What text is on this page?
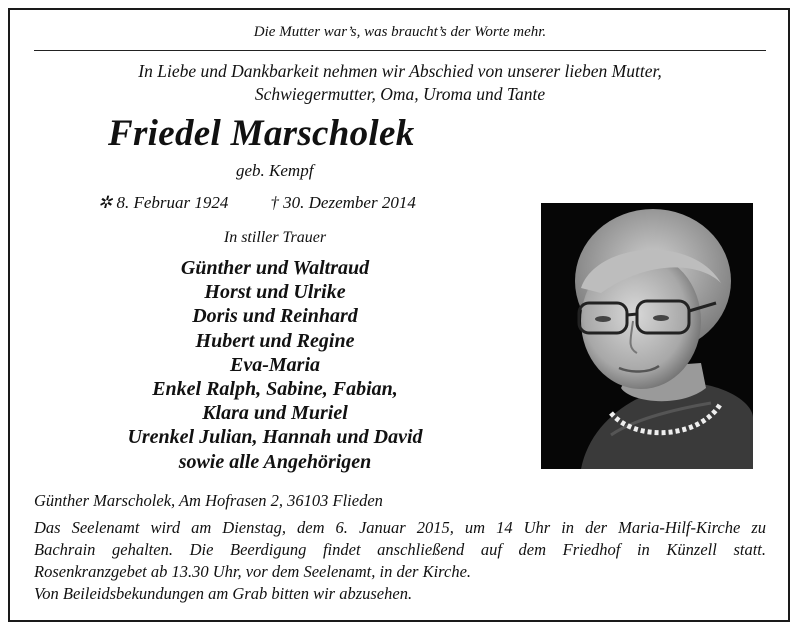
Die Mutter war’s, was braucht’s der Worte mehr.
In Liebe und Dankbarkeit nehmen wir Abschied von unserer lieben Mutter,
Schwiegermutter, Oma, Uroma und Tante
Friedel Marscholek
geb. Kempf
✲ 8. Februar 1924 † 30. Dezember 2014
In stiller Trauer
Günther und Waltraud
Horst und Ulrike
Doris und Reinhard
Hubert und Regine
Eva-Maria
Enkel Ralph, Sabine, Fabian,
Klara und Muriel
Urenkel Julian, Hannah und David
sowie alle Angehörigen
Günther Marscholek, Am Hofrasen 2, 36103 Flieden
Das Seelenamt wird am Dienstag, dem 6. Januar 2015, um 14 Uhr in der Maria-Hilf-Kirche zu
Bachrain gehalten. Die Beerdigung findet anschließend auf dem Friedhof in Künzell statt.
Rosenkranzgebet ab 13.30 Uhr, vor dem Seelenamt, in der Kirche.
Von Beileidsbekundungen am Grab bitten wir abzusehen.
